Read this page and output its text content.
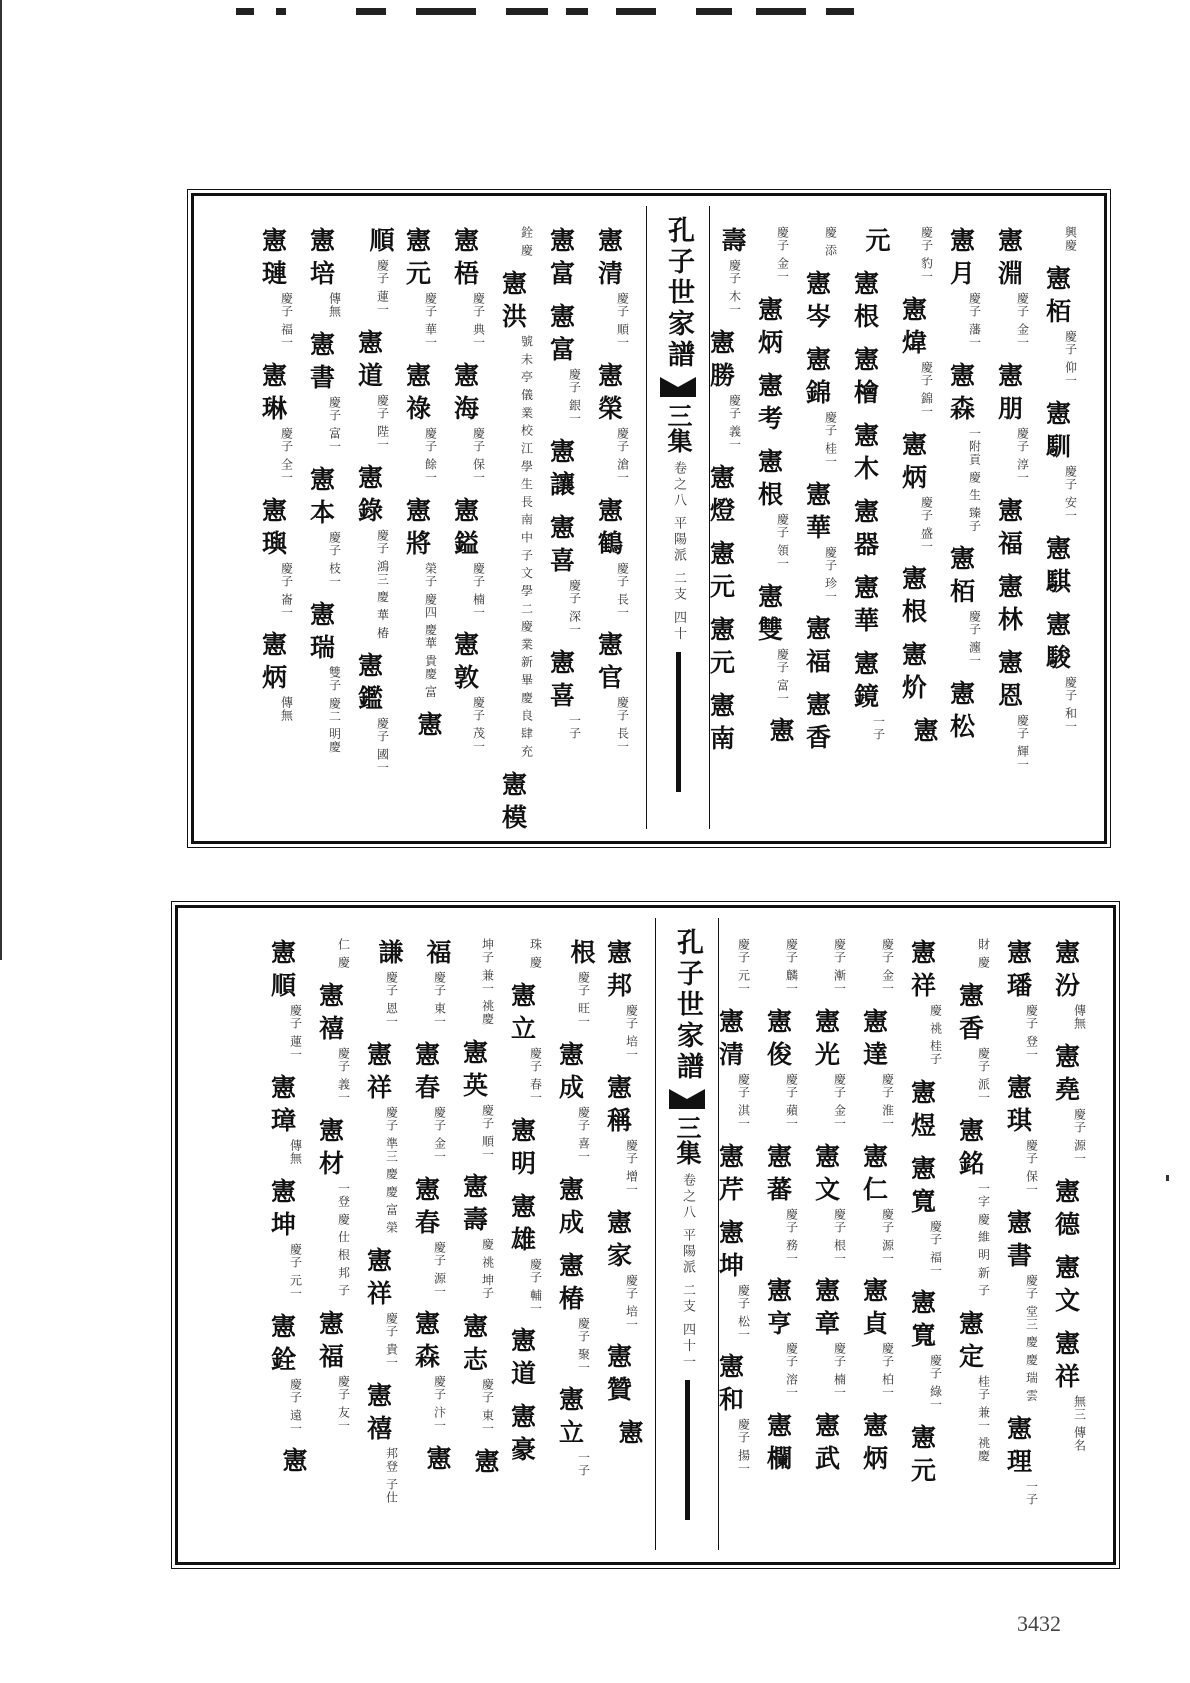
興慶
憲栢
慶子 仰一
憲馴
慶子 安一
憲騏
憲駿
慶子 和一
憲淵
慶子 金一
憲朋
慶子 淳一
憲福
憲林
憲恩
慶子 輝一
憲月
慶子 藩一
憲森
一附貢 慶 生 臻子
憲栢
慶子 瀍一
憲松
慶子 豹一
憲煒
慶子 錦一
憲炳
慶子 盛一
憲根
憲炌
憲
元
憲根
憲檜
憲木
憲器
憲華
憲鏡
一子
慶 添
憲岑
憲錦
慶子 桂一
憲華
慶子 珍一
憲福
憲香
慶子 金一
憲炳
憲考
憲根
慶子 領一
憲雙
慶子 富一
憲
壽
慶子 木一
憲勝
慶子 義一
憲燈
憲元
憲元
憲南
孔子世家譜
三集
卷之八 平陽派 二支 四十
憲清
慶子 順一
憲榮
慶子 滄一
憲鶴
慶子 長一
憲官
慶子 長一
憲富
憲富
慶子 銀一
憲讓
憲喜
慶子 深一
憲喜
一子
銓 慶
憲洪
號 未 亭 儀 業 校 江 學 生 長 南 中 子 文 學 二 慶 業 新 畢 慶 良 肆 充
憲模
憲梧
慶子 典一
憲海
慶子 保一
憲鎰
慶子 楠一
憲敦
慶子 茂一
憲元
慶子 華一
憲祿
慶子 餘一
憲將
榮子 慶四 慶華 貴慶 富
憲
順
慶子 蓮一
憲道
慶子 陛一
憲錄
慶子 鴻三 慶 華 椿
憲鑑
慶子 國一
憲培
傳無
憲書
慶子 富一
憲本
慶子 枝一
憲瑞
雙子 慶二 明慶
憲璉
慶子 福一
憲琳
慶子 全一
憲璵
慶子 崙一
憲炳
傳無
憲汾
傳無
憲堯
慶子 源一
憲德
憲文
憲祥
無三 傳名
憲璠
慶子 登一
憲琪
慶子 保一
憲書
慶子 堂三 慶 慶 瑞 雲
憲理
一子
財 慶
憲香
慶子 派一
憲銘
一字 慶 維 明 新 子
憲定
桂子 兼一 祧慶
憲祥
慶 祧 桂子
憲煜
憲寬
慶子 福一
憲寬
慶子 綠一
憲元
慶子 金一
憲達
慶子 淮一
憲仁
慶子 源一
憲貞
慶子 柏一
憲炳
慶子 漸一
憲光
慶子 金一
憲文
慶子 根一
憲章
慶子 楠一
憲武
慶子 麟一
憲俊
慶子 蘋一
憲蕃
慶子 務一
憲亨
慶子 溶一
憲欄
慶子 元一
憲清
慶子 淇一
憲芹
憲坤
慶子 松一
憲和
慶子 揚一
孔子世家譜
三集
卷之八 平陽派 二支 四十一
憲邦
慶子 培一
憲稱
慶子 增一
憲家
慶子 培一
憲贊
憲
根
慶子 旺一
憲成
慶子 喜一
憲成
憲椿
慶子 聚一
憲立
一子
珠 慶
憲立
慶子 春一
憲明
憲雄
慶子 輔一
憲道
憲豪
坤子 兼一 祧慶
憲英
慶子 順一
憲壽
慶 祧 坤子
憲志
慶子 東一
憲
福
慶子 東一
憲春
慶子 金一
憲春
慶子 源一
憲森
慶子 汴一
憲
謙
慶子 恩一
憲祥
慶子 準三 慶 慶 富 榮
憲祥
慶子 貴一
憲禧
邦登 子仕
仁 慶
憲禧
慶子 義一
憲材
一登 慶 仕 根 邦 子
憲福
慶子 友一
憲順
慶子 蓮一
憲璋
傳無
憲坤
慶子 元一
憲銓
慶子 遠一
憲
3432
